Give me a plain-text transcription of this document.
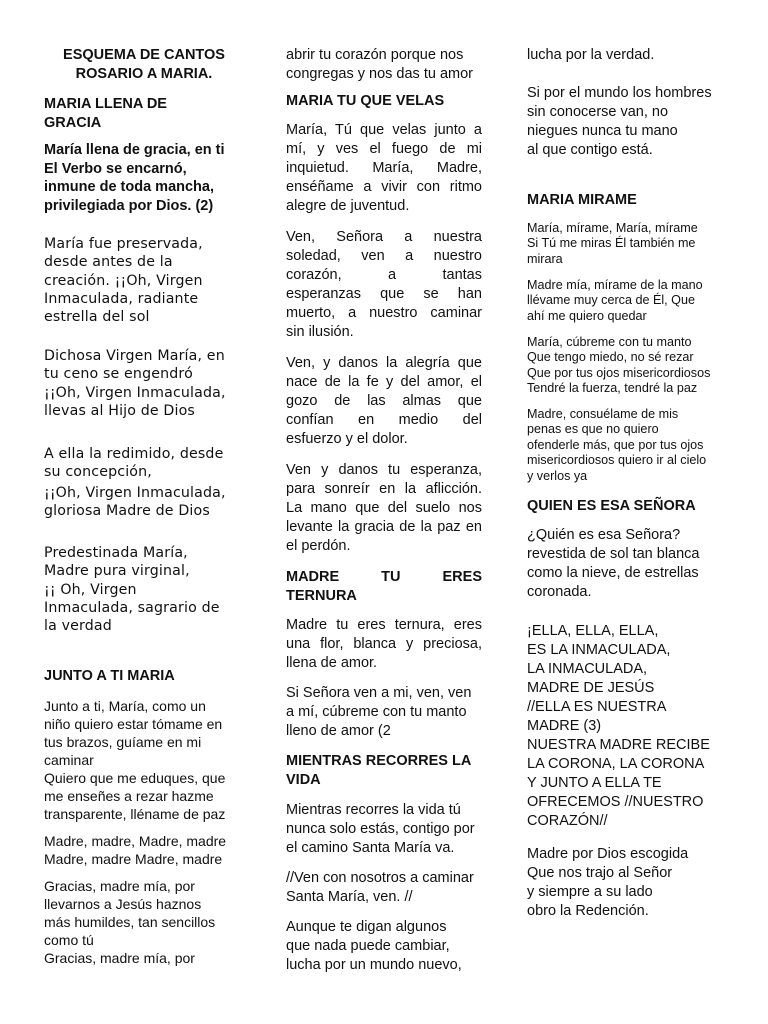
ESQUEMA DE CANTOS
ROSARIO A MARIA.
MARIA LLENA DE
GRACIA
María llena de gracia, en ti
El Verbo se encarnó,
inmune de toda mancha,
privilegiada por Dios. (2)
María fue preservada,
desde antes de la
creación. ¡¡Oh, Virgen
Inmaculada, radiante
estrella del sol
Dichosa Virgen María, en
tu ceno se engendró
¡¡Oh, Virgen Inmaculada,
llevas al Hijo de Dios
A ella la redimido, desde
su concepción,
¡¡Oh, Virgen Inmaculada,
gloriosa Madre de Dios
Predestinada María,
Madre pura virginal,
¡¡ Oh, Virgen
Inmaculada, sagrario de
la verdad
JUNTO A TI MARIA
Junto a ti, María, como un
niño quiero estar tómame en
tus brazos, guíame en mi
caminar
Quiero que me eduques, que
me enseñes a rezar hazme
transparente, lléname de paz
Madre, madre, Madre, madre
Madre, madre Madre, madre
Gracias, madre mía, por
llevarnos a Jesús haznos
más humildes, tan sencillos
como tú
Gracias, madre mía, por
abrir tu corazón porque nos
congregas y nos das tu amor
MARIA TU QUE VELAS
María, Tú que velas junto a
mí, y ves el fuego de mi
inquietud. María, Madre,
enséñame a vivir con ritmo
alegre de juventud.
Ven, Señora a nuestra
soledad, ven a nuestro
corazón, a tantas
esperanzas que se han
muerto, a nuestro caminar
sin ilusión.
Ven, y danos la alegría que
nace de la fe y del amor, el
gozo de las almas que
confían en medio del
esfuerzo y el dolor.
Ven y danos tu esperanza,
para sonreír en la aflicción.
La mano que del suelo nos
levante la gracia de la paz en
el perdón.
MADRE TU ERES
TERNURA
Madre tu eres ternura, eres
una flor, blanca y preciosa,
llena de amor.
Si Señora ven a mi, ven, ven
a mí, cúbreme con tu manto
lleno de amor (2
MIENTRAS RECORRES LA
VIDA
Mientras recorres la vida tú
nunca solo estás, contigo por
el camino Santa María va.
//Ven con nosotros a caminar
Santa María, ven. //
Aunque te digan algunos
que nada puede cambiar,
lucha por un mundo nuevo,
lucha por la verdad.
Si por el mundo los hombres
sin conocerse van, no
niegues nunca tu mano
al que contigo está.
MARIA MIRAME
María, mírame, María, mírame
Si Tú me miras Él también me
mirara
Madre mía, mírame de la mano
llévame muy cerca de Él, Que
ahí me quiero quedar
María, cúbreme con tu manto
Que tengo miedo, no sé rezar
Que por tus ojos misericordiosos
Tendré la fuerza, tendré la paz
Madre, consuélame de mis
penas es que no quiero
ofenderle más, que por tus ojos
misericordiosos quiero ir al cielo
y verlos ya
QUIEN ES ESA SEÑORA
¿Quién es esa Señora?
revestida de sol tan blanca
como la nieve, de estrellas
coronada.
¡ELLA, ELLA, ELLA,
ES LA INMACULADA,
LA INMACULADA,
MADRE DE JESÚS
//ELLA ES NUESTRA
MADRE (3)
NUESTRA MADRE RECIBE
LA CORONA, LA CORONA
Y JUNTO A ELLA TE
OFRECEMOS //NUESTRO
CORAZÓN//
Madre por Dios escogida
Que nos trajo al Señor
y siempre a su lado
obro la Redención.
